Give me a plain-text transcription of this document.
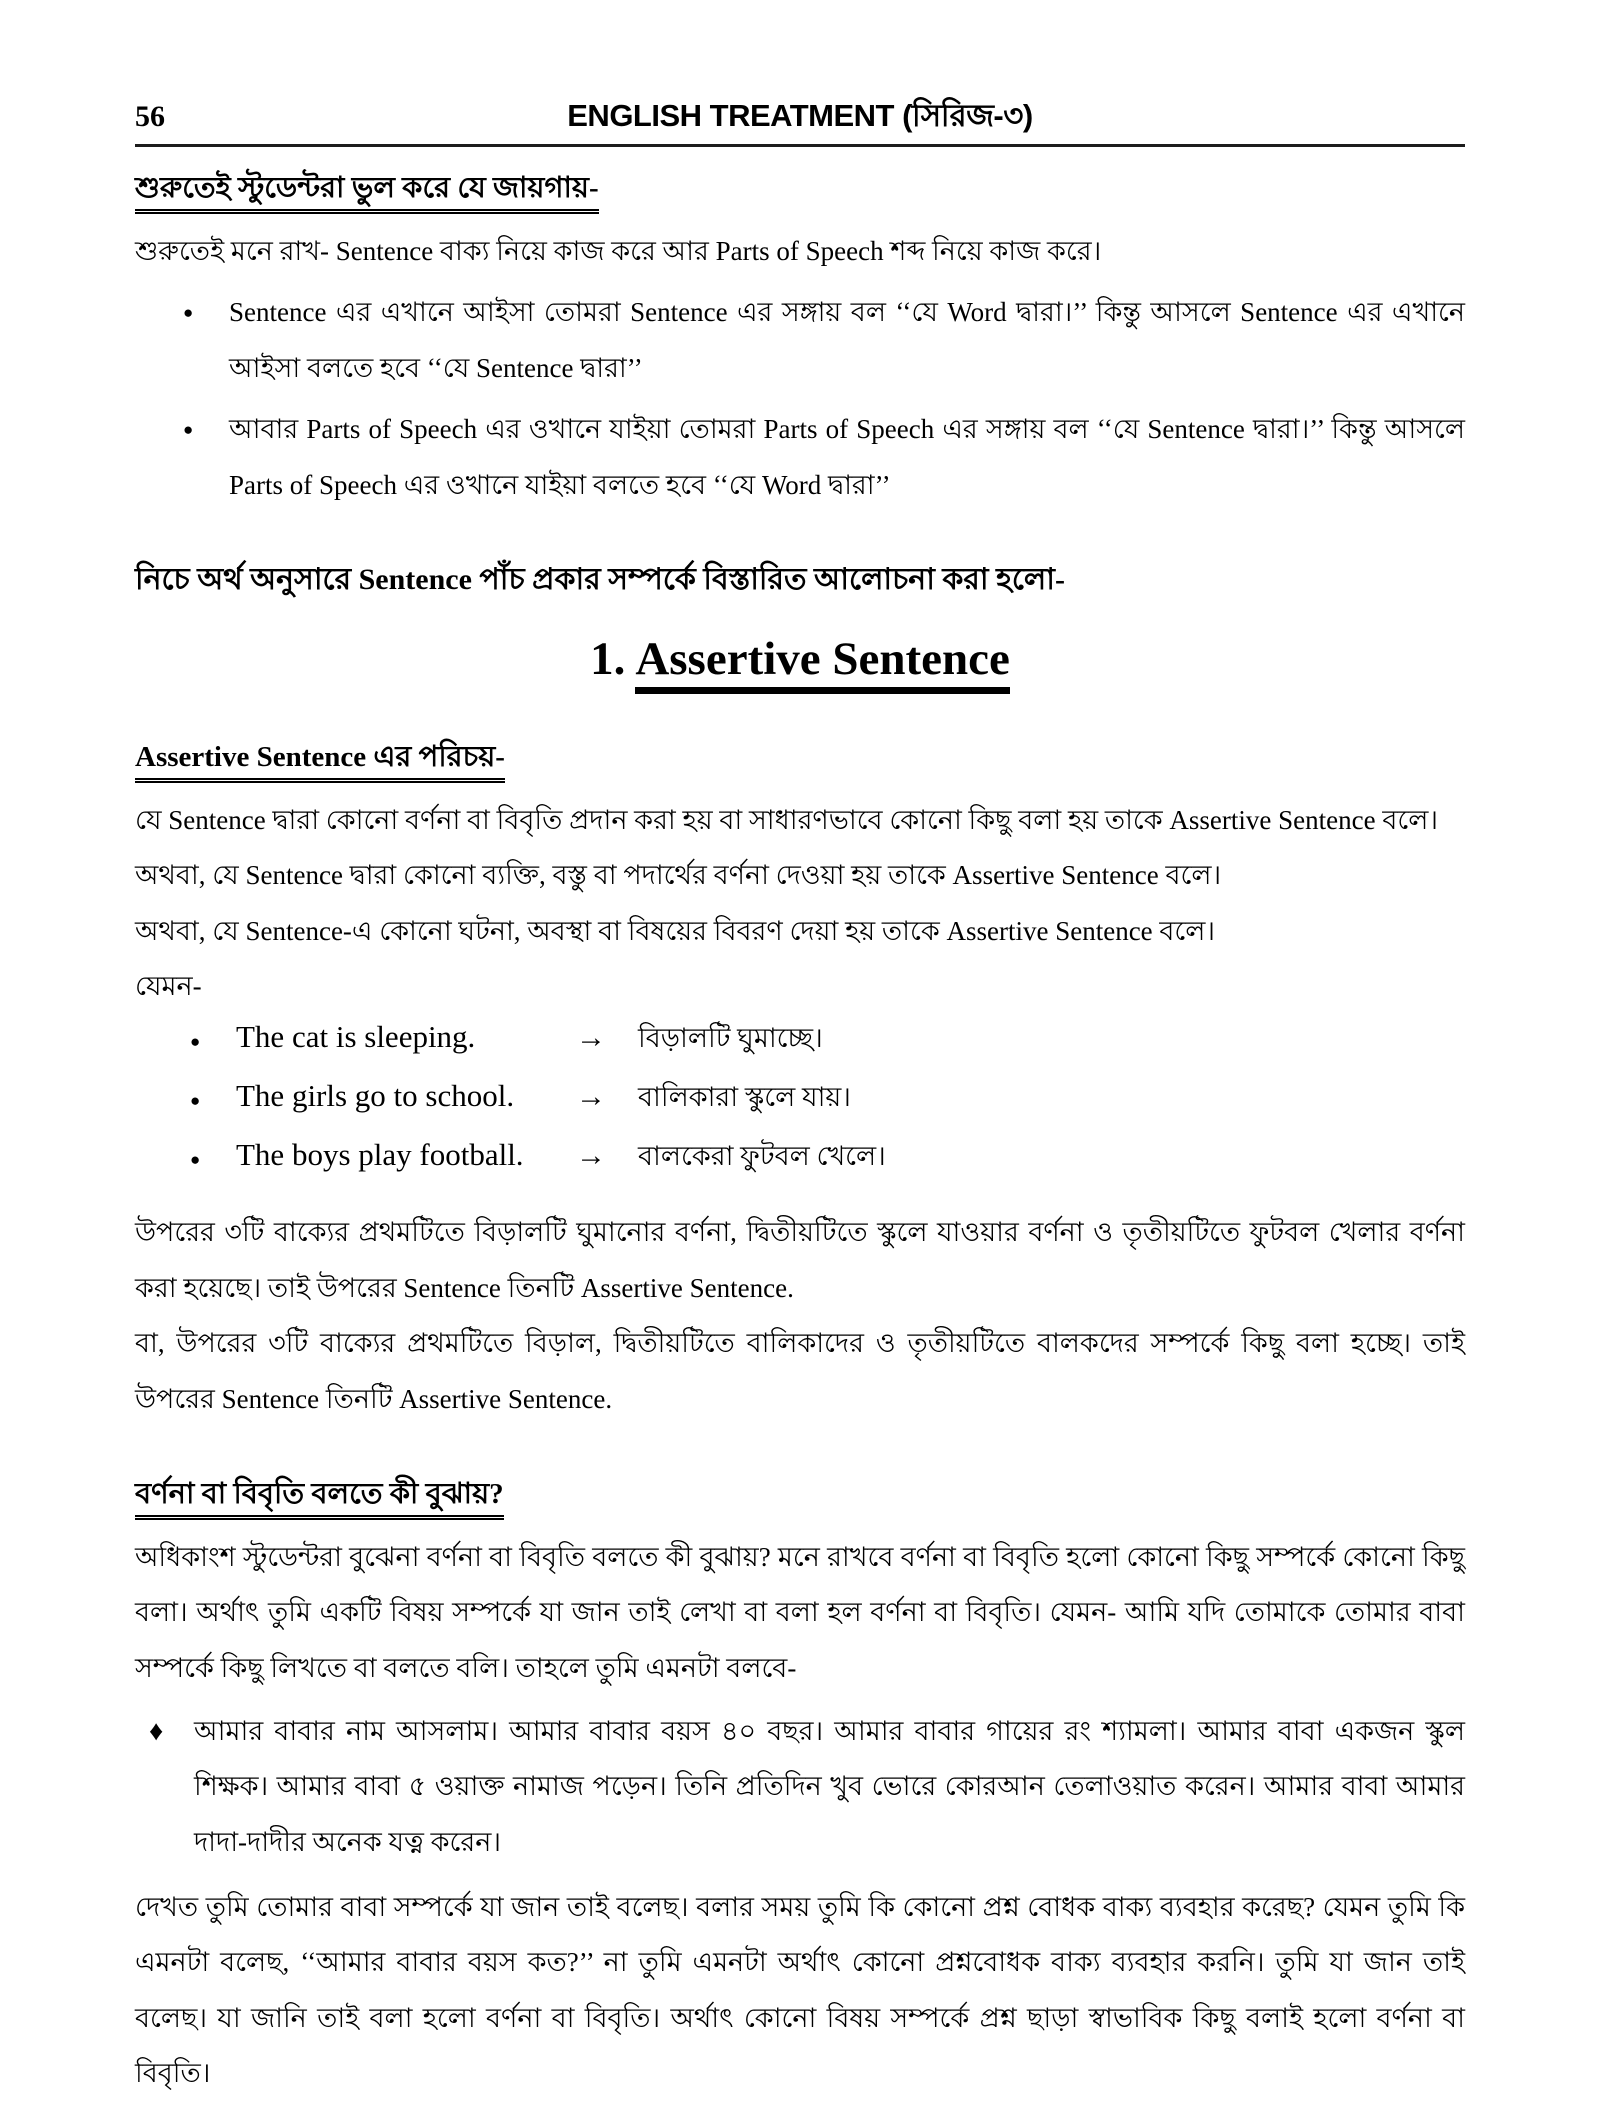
56	ENGLISH TREATMENT (সিরিজ-৩)
শুরুতেই স্টুডেন্টরা ভুল করে যে জায়গায়-

শুরুতেই মনে রাখ- Sentence বাক্য নিয়ে কাজ করে আর Parts of Speech শব্দ নিয়ে কাজ করে।

●	Sentence এর এখানে আইসা তোমরা Sentence এর সঙ্গায় বল ‘‘যে Word দ্বারা।’’ কিন্তু আসলে Sentence এর এখানে আইসা বলতে হবে ‘‘যে Sentence দ্বারা’’
●	আবার Parts of Speech এর ওখানে যাইয়া তোমরা Parts of Speech এর সঙ্গায় বল ‘‘যে Sentence দ্বারা।’’ কিন্তু আসলে Parts of Speech এর ওখানে যাইয়া বলতে হবে ‘‘যে Word দ্বারা’’
নিচে অর্থ অনুসারে Sentence পাঁচ প্রকার সম্পর্কে বিস্তারিত আলোচনা করা হলো-
1. Assertive Sentence
Assertive Sentence এর পরিচয়-

যে Sentence দ্বারা কোনো বর্ণনা বা বিবৃতি প্রদান করা হয় বা সাধারণভাবে কোনো কিছু বলা হয় তাকে Assertive Sentence বলে।

অথবা, যে Sentence দ্বারা কোনো ব্যক্তি, বস্তু বা পদার্থের বর্ণনা দেওয়া হয় তাকে Assertive Sentence বলে।

অথবা, যে Sentence-এ কোনো ঘটনা, অবস্থা বা বিষয়ের বিবরণ দেয়া হয় তাকে Assertive Sentence বলে।

যেমন-

●	The cat is sleeping.	→	বিড়ালটি ঘুমাচ্ছে।
●	The girls go to school.	→	বালিকারা স্কুলে যায়।
●	The boys play football.	→	বালকেরা ফুটবল খেলে।

উপরের ৩টি বাক্যের প্রথমটিতে বিড়ালটি ঘুমানোর বর্ণনা, দ্বিতীয়টিতে স্কুলে যাওয়ার বর্ণনা ও তৃতীয়টিতে ফুটবল খেলার বর্ণনা করা হয়েছে। তাই উপরের Sentence তিনটি Assertive Sentence.

বা, উপরের ৩টি বাক্যের প্রথমটিতে বিড়াল, দ্বিতীয়টিতে বালিকাদের ও তৃতীয়টিতে বালকদের সম্পর্কে কিছু বলা হচ্ছে। তাই উপরের Sentence তিনটি Assertive Sentence.

বর্ণনা বা বিবৃতি বলতে কী বুঝায়?

অধিকাংশ স্টুডেন্টরা বুঝেনা বর্ণনা বা বিবৃতি বলতে কী বুঝায়? মনে রাখবে বর্ণনা বা বিবৃতি হলো কোনো কিছু সম্পর্কে কোনো কিছু বলা। অর্থাৎ তুমি একটি বিষয় সম্পর্কে যা জান তাই লেখা বা বলা হল বর্ণনা বা বিবৃতি। যেমন- আমি যদি তোমাকে তোমার বাবা সম্পর্কে কিছু লিখতে বা বলতে বলি। তাহলে তুমি এমনটা বলবে-

♦	আমার বাবার নাম আসলাম। আমার বাবার বয়স ৪০ বছর। আমার বাবার গায়ের রং শ্যামলা। আমার বাবা একজন স্কুল শিক্ষক। আমার বাবা ৫ ওয়াক্ত নামাজ পড়েন। তিনি প্রতিদিন খুব ভোরে কোরআন তেলাওয়াত করেন। আমার বাবা আমার দাদা-দাদীর অনেক যত্ন করেন।

দেখত তুমি তোমার বাবা সম্পর্কে যা জান তাই বলেছ। বলার সময় তুমি কি কোনো প্রশ্ন বোধক বাক্য ব্যবহার করেছ? যেমন তুমি কি এমনটা বলেছ, ‘‘আমার বাবার বয়স কত?’’ না তুমি এমনটা অর্থাৎ কোনো প্রশ্নবোধক বাক্য ব্যবহার করনি। তুমি যা জান তাই বলেছ। যা জানি তাই বলা হলো বর্ণনা বা বিবৃতি। অর্থাৎ কোনো বিষয় সম্পর্কে প্রশ্ন ছাড়া স্বাভাবিক কিছু বলাই হলো বর্ণনা বা বিবৃতি।
